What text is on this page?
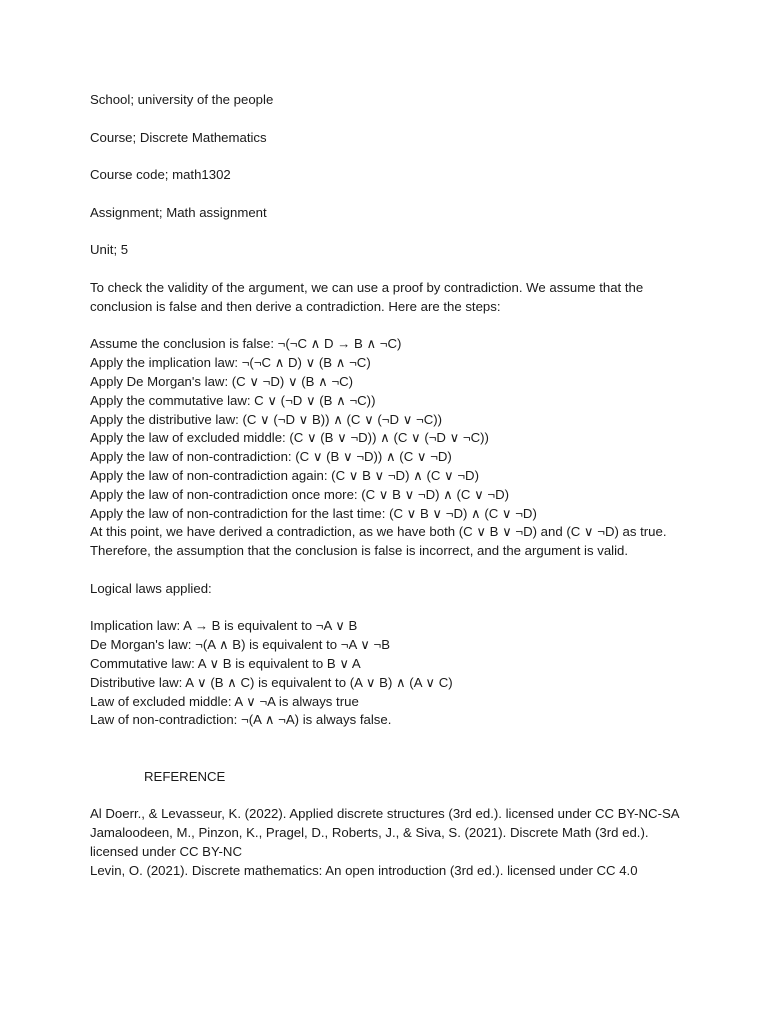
School; university of the people
Course; Discrete Mathematics
Course code; math1302
Assignment; Math assignment
Unit; 5
To check the validity of the argument, we can use a proof by contradiction. We assume that the conclusion is false and then derive a contradiction. Here are the steps:
Assume the conclusion is false: ¬(¬C ∧ D → B ∧ ¬C)
Apply the implication law: ¬(¬C ∧ D) ∨ (B ∧ ¬C)
Apply De Morgan's law: (C ∨ ¬D) ∨ (B ∧ ¬C)
Apply the commutative law: C ∨ (¬D ∨ (B ∧ ¬C))
Apply the distributive law: (C ∨ (¬D ∨ B)) ∧ (C ∨ (¬D ∨ ¬C))
Apply the law of excluded middle: (C ∨ (B ∨ ¬D)) ∧ (C ∨ (¬D ∨ ¬C))
Apply the law of non-contradiction: (C ∨ (B ∨ ¬D)) ∧ (C ∨ ¬D)
Apply the law of non-contradiction again: (C ∨ B ∨ ¬D) ∧ (C ∨ ¬D)
Apply the law of non-contradiction once more: (C ∨ B ∨ ¬D) ∧ (C ∨ ¬D)
Apply the law of non-contradiction for the last time: (C ∨ B ∨ ¬D) ∧ (C ∨ ¬D)
At this point, we have derived a contradiction, as we have both (C ∨ B ∨ ¬D) and (C ∨ ¬D) as true. Therefore, the assumption that the conclusion is false is incorrect, and the argument is valid.
Logical laws applied:
Implication law: A → B is equivalent to ¬A ∨ B
De Morgan's law: ¬(A ∧ B) is equivalent to ¬A ∨ ¬B
Commutative law: A ∨ B is equivalent to B ∨ A
Distributive law: A ∨ (B ∧ C) is equivalent to (A ∨ B) ∧ (A ∨ C)
Law of excluded middle: A ∨ ¬A is always true
Law of non-contradiction: ¬(A ∧ ¬A) is always false.
REFERENCE
Al Doerr., & Levasseur, K. (2022). Applied discrete structures (3rd ed.). licensed under CC BY-NC-SA
Jamaloodeen, M., Pinzon, K., Pragel, D., Roberts, J., & Siva, S. (2021). Discrete Math (3rd ed.). licensed under CC BY-NC
Levin, O. (2021). Discrete mathematics: An open introduction (3rd ed.). licensed under CC 4.0
